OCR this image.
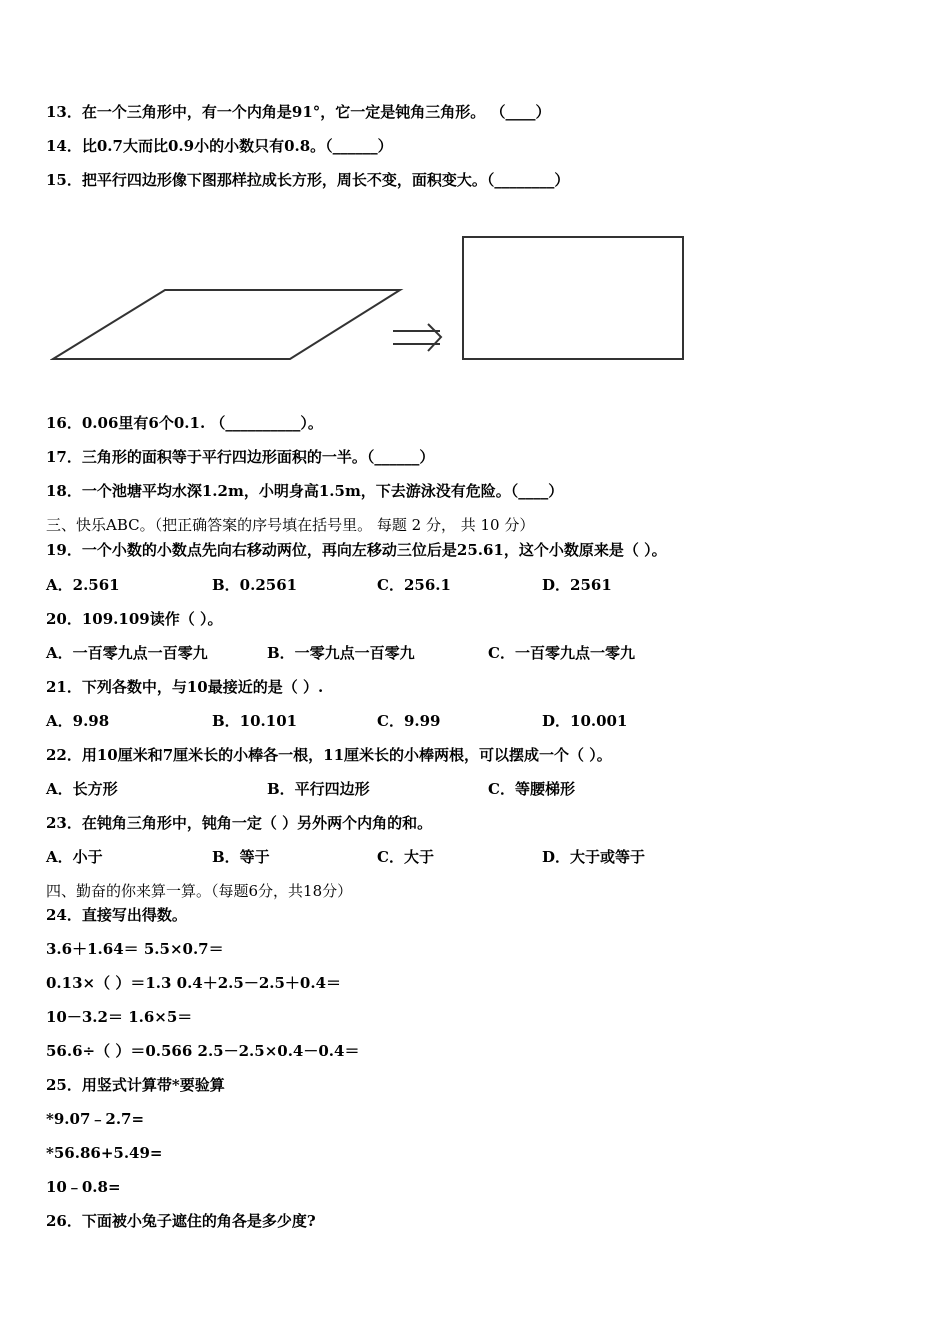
13．在一个三角形中，有一个内角是91°，它一定是钝角三角形。 （____）
14．比0.7大而比0.9小的小数只有0.8。（______）
15．把平行四边形像下图那样拉成长方形，周长不变，面积变大。（________）
16．0.06里有6个0.1. （__________）。
17．三角形的面积等于平行四边形面积的一半。（______）
18．一个池塘平均水深1.2m，小明身高1.5m，下去游泳没有危险。（____）
三、快乐ABC。（把正确答案的序号填在括号里。 每题 2 分， 共 10 分）
19．一个小数的小数点先向右移动两位，再向左移动三位后是25.61，这个小数原来是（ ）。
A．2.561	B．0.2561	C．256.1	D．2561
20．109.109读作（ ）。
A．一百零九点一百零九	B．一零九点一百零九	C．一百零九点一零九
21．下列各数中，与10最接近的是（ ）.
A．9.98	B．10.101	C．9.99	D．10.001
22．用10厘米和7厘米长的小棒各一根，11厘米长的小棒两根，可以摆成一个（ ）。
A．长方形	B．平行四边形	C．等腰梯形
23．在钝角三角形中，钝角一定（ ）另外两个内角的和。
A．小于	B．等于	C．大于	D．大于或等于
四、勤奋的你来算一算。（每题6分，共18分）
24．直接写出得数。
3.6＋1.64＝ 5.5×0.7＝
0.13×（ ）＝1.3 0.4＋2.5－2.5＋0.4＝
10－3.2＝ 1.6×5＝
56.6÷（ ）＝0.566 2.5－2.5×0.4－0.4＝
25．用竖式计算带*要验算
*9.07﹣2.7=
*56.86+5.49=
10﹣0.8=
26．下面被小兔子遮住的角各是多少度?
